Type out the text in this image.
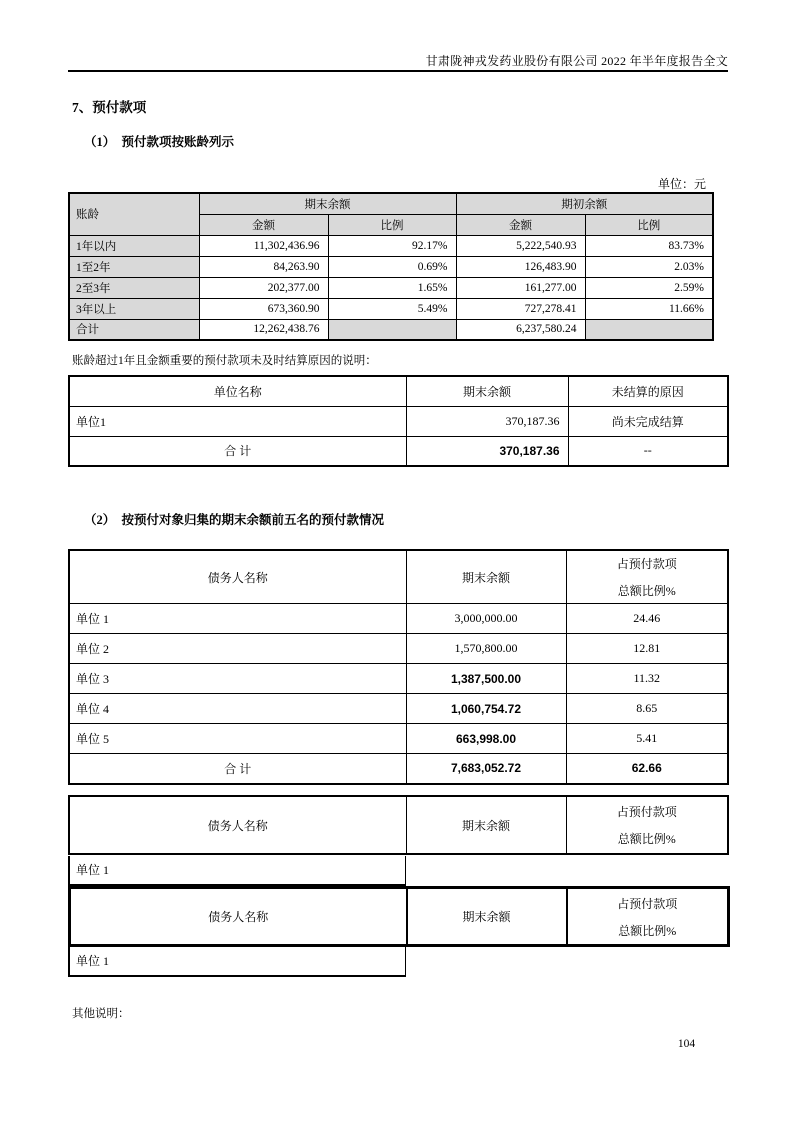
甘肃陇神戎发药业股份有限公司 2022 年半年度报告全文
7、预付款项
（1）　预付款项按账龄列示
单位：元
账龄	期末余额		期初余额	
	金额	比例	金额	比例
1年以内	11,302,436.96	92.17%	5,222,540.93	83.73%
1至2年	84,263.90	0.69%	126,483.90	2.03%
2至3年	202,377.00	1.65%	161,277.00	2.59%
3年以上	673,360.90	5.49%	727,278.41	11.66%
合计	12,262,438.76		6,237,580.24	
账龄超过1年且金额重要的预付款项未及时结算原因的说明：
单位名称	期末余额	未结算的原因
单位1	370,187.36	尚未完成结算
合 计	370,187.36	--
（2）　按预付对象归集的期末余额前五名的预付款情况
债务人名称	期末余额	占预付款项
总额比例%

单位 1	3,000,000.00	24.46
单位 2	1,570,800.00	12.81
单位 3	1,387,500.00	11.32
单位 4	1,060,754.72	8.65
单位 5	663,998.00	5.41
合 计	7,683,052.72	62.66
债务人名称	期末余额	
占预付款项
总额比例%
单位 1
债务人名称	期末余额	
占预付款项
总额比例%
单位 1
其他说明：
104
